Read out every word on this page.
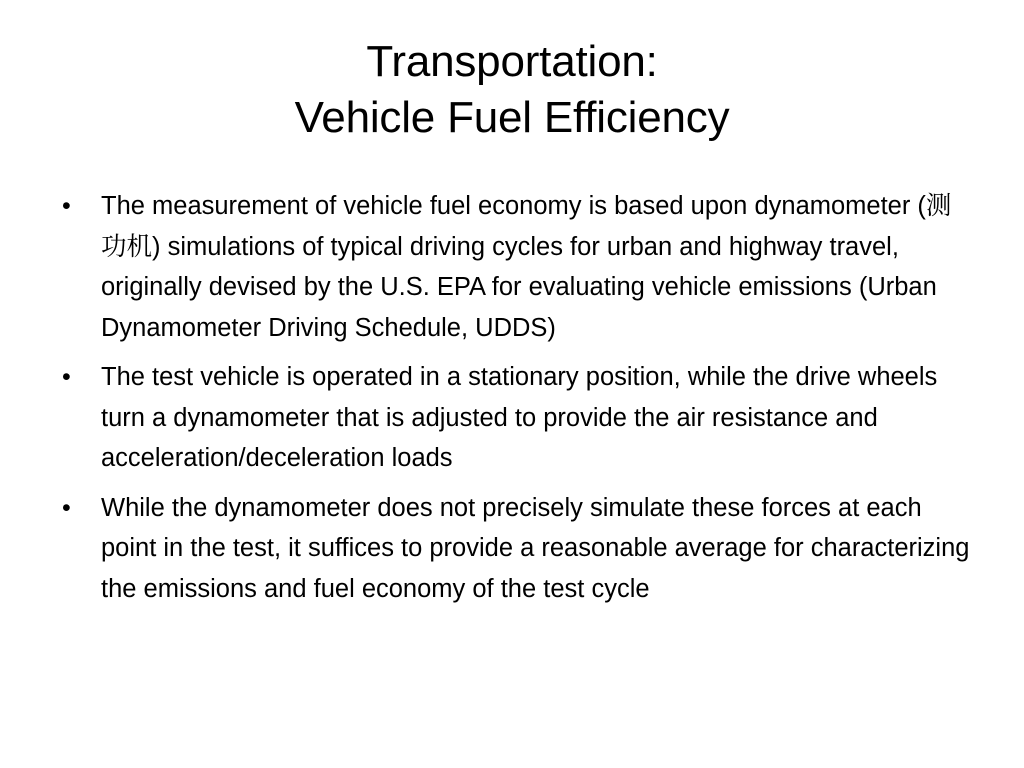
Transportation:
Vehicle Fuel Efficiency
• The measurement of vehicle fuel economy is based upon dynamometer (测功机) simulations of typical driving cycles for urban and highway travel, originally devised by the U.S. EPA for evaluating vehicle emissions (Urban Dynamometer Driving Schedule, UDDS)
• The test vehicle is operated in a stationary position, while the drive wheels turn a dynamometer that is adjusted to provide the air resistance and acceleration/deceleration loads
• While the dynamometer does not precisely simulate these forces at each point in the test, it suffices to provide a reasonable average for characterizing the emissions and fuel economy of the test cycle
